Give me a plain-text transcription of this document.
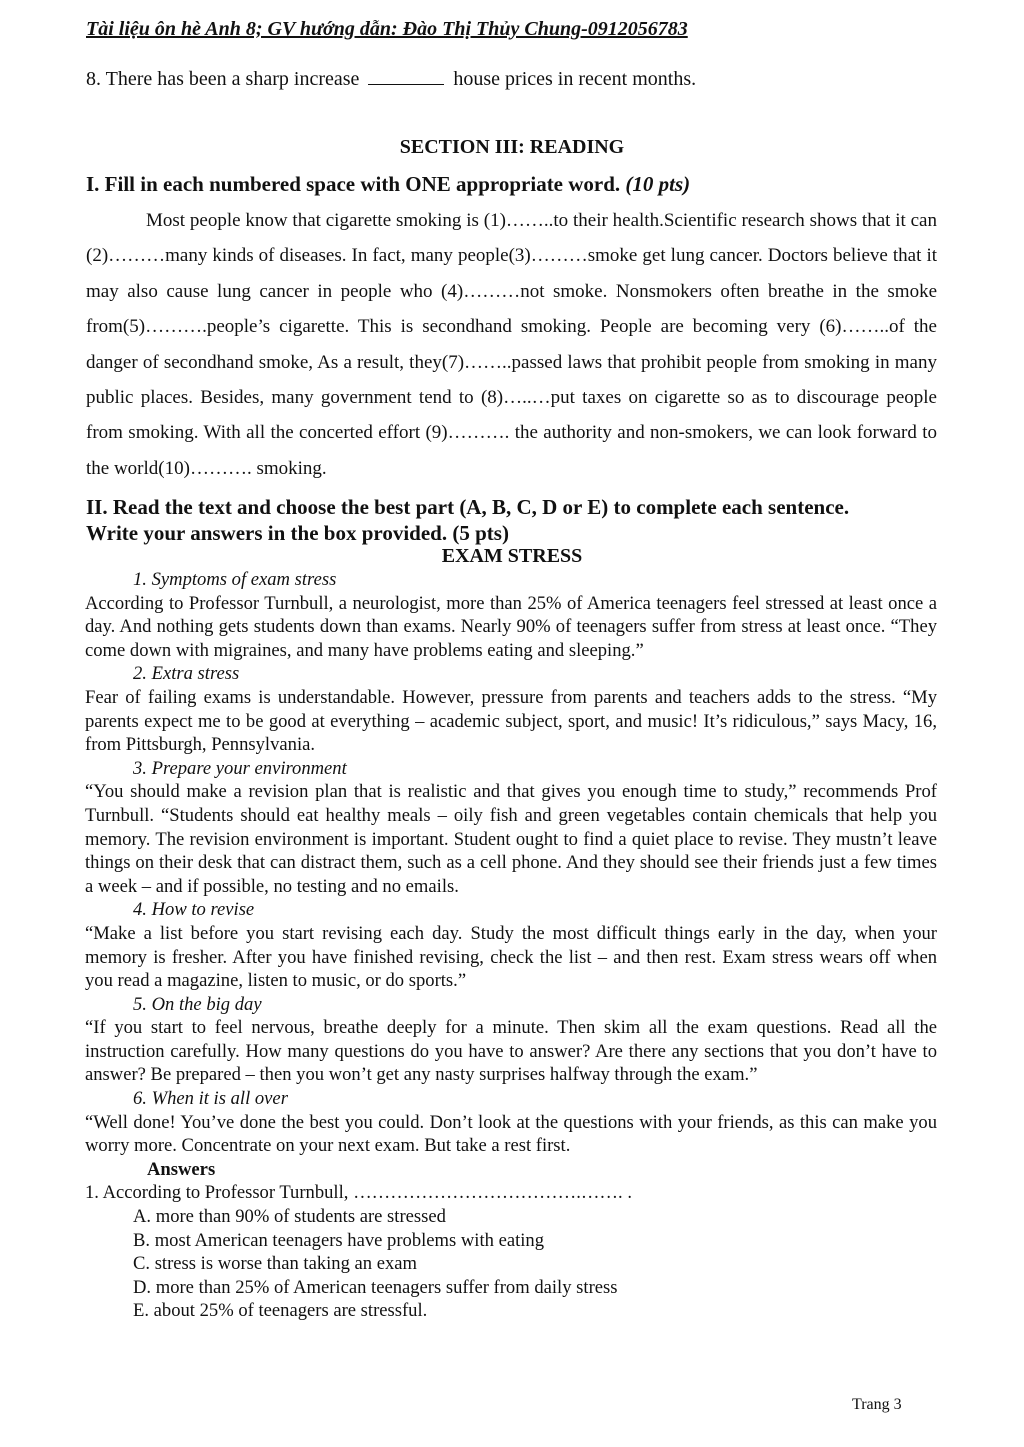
Tài liệu ôn hè Anh 8; GV hướng dẫn: Đào Thị Thủy Chung-0912056783
8. There has been a sharp increase	house prices in recent months.
SECTION III: READING
I. Fill in each numbered space with ONE appropriate word. (10 pts)

Most people know that cigarette smoking is (1)……..to their health.Scientific research shows that it can (2)………many kinds of diseases. In fact, many people(3)………smoke get lung cancer. Doctors believe that it may also cause lung cancer in people who (4)………not smoke. Nonsmokers often breathe in the smoke from(5)……….people’s cigarette. This is secondhand smoking. People are becoming very (6)……..of the danger of secondhand smoke, As a result, they(7)……..passed laws that prohibit people from smoking in many public places. Besides, many government tend to (8)…..…put taxes on cigarette so as to discourage people from smoking. With all the concerted effort (9)………. the authority and non-smokers, we can look forward to the world(10)………. smoking.

II. Read the text and choose the best part (A, B, C, D or E) to complete each sentence.
Write your answers in the box provided. (5 pts)
EXAM STRESS
1. Symptoms of exam stress

According to Professor Turnbull, a neurologist, more than 25% of America teenagers feel stressed at least once a day. And nothing gets students down than exams. Nearly 90% of teenagers suffer from stress at least once. “They come down with migraines, and many have problems eating and sleeping.”

2. Extra stress

Fear of failing exams is understandable. However, pressure from parents and teachers adds to the stress. “My parents expect me to be good at everything – academic subject, sport, and music! It’s ridiculous,” says Macy, 16, from Pittsburgh, Pennsylvania.

3. Prepare your environment

“You should make a revision plan that is realistic and that gives you enough time to study,” recommends Prof Turnbull. “Students should eat healthy meals – oily fish and green vegetables contain chemicals that help you memory. The revision environment is important. Student ought to find a quiet place to revise. They mustn’t leave things on their desk that can distract them, such as a cell phone. And they should see their friends just a few times a week – and if possible, no testing and no emails.

4. How to revise

“Make a list before you start revising each day. Study the most difficult things early in the day, when your memory is fresher. After you have finished revising, check the list – and then rest. Exam stress wears off when you read a magazine, listen to music, or do sports.”

5. On the big day

“If you start to feel nervous, breathe deeply for a minute. Then skim all the exam questions. Read all the instruction carefully. How many questions do you have to answer? Are there any sections that you don’t have to answer? Be prepared – then you won’t get any nasty surprises halfway through the exam.”

6. When it is all over

“Well done! You’ve done the best you could. Don’t look at the questions with your friends, as this can make you worry more. Concentrate on your next exam. But take a rest first.

Answers
1. According to Professor Turnbull, ……………………………….……. .
A. more than 90% of students are stressed
B. most American teenagers have problems with eating
C. stress is worse than taking an exam
D. more than 25% of American teenagers suffer from daily stress
E. about 25% of teenagers are stressful.
Trang 3
